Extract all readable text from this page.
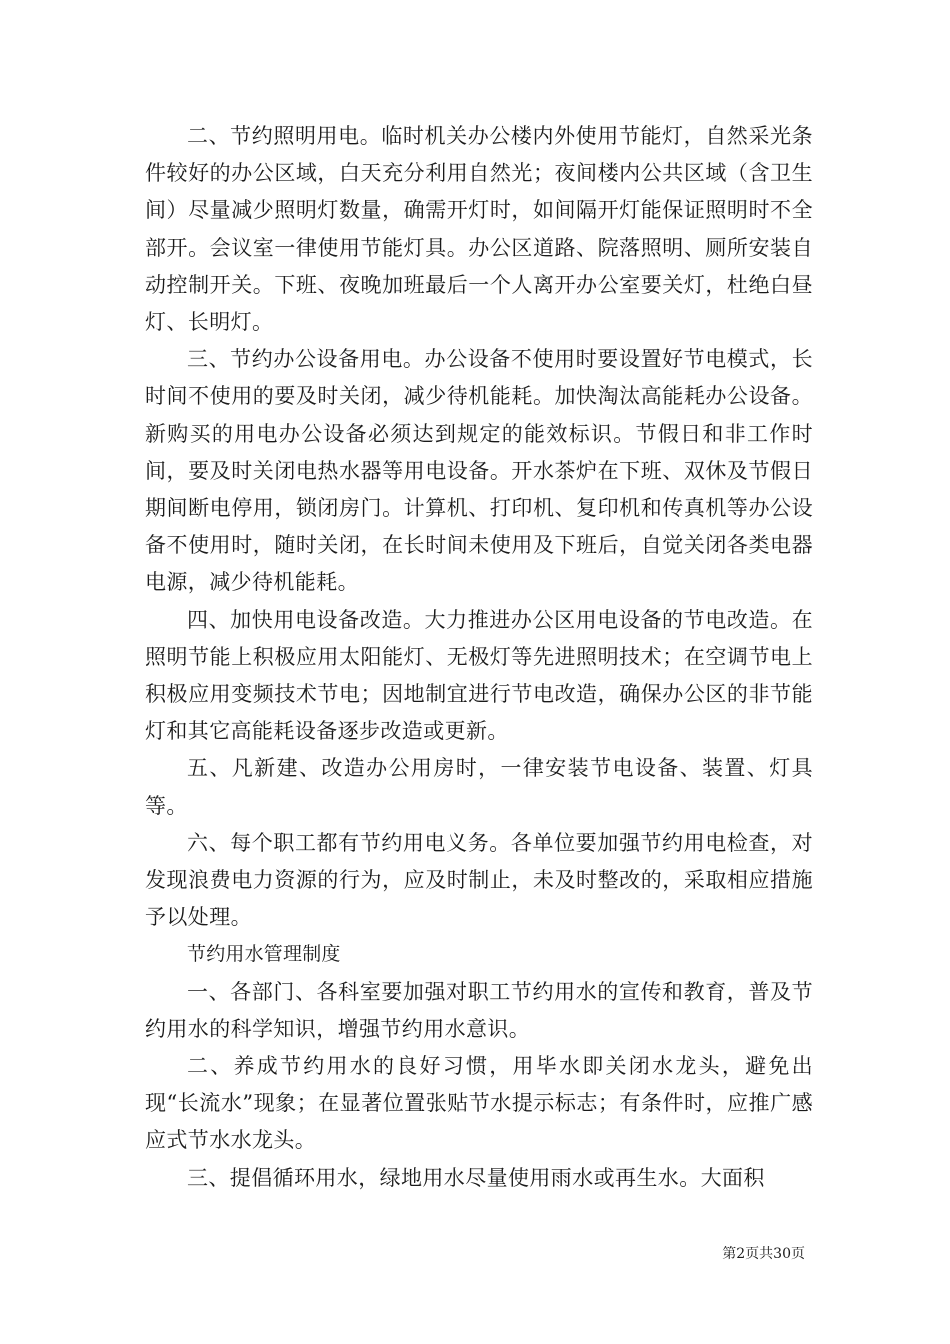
二、节约照明用电。临时机关办公楼内外使用节能灯，自然采光条件较好的办公区域，白天充分利用自然光；夜间楼内公共区域（含卫生间）尽量减少照明灯数量，确需开灯时，如间隔开灯能保证照明时不全部开。会议室一律使用节能灯具。办公区道路、院落照明、厕所安装自动控制开关。下班、夜晚加班最后一个人离开办公室要关灯，杜绝白昼灯、长明灯。

三、节约办公设备用电。办公设备不使用时要设置好节电模式，长时间不使用的要及时关闭，减少待机能耗。加快淘汰高能耗办公设备。新购买的用电办公设备必须达到规定的能效标识。节假日和非工作时间，要及时关闭电热水器等用电设备。开水茶炉在下班、双休及节假日期间断电停用，锁闭房门。计算机、打印机、复印机和传真机等办公设备不使用时，随时关闭，在长时间未使用及下班后，自觉关闭各类电器电源，减少待机能耗。

四、加快用电设备改造。大力推进办公区用电设备的节电改造。在照明节能上积极应用太阳能灯、无极灯等先进照明技术；在空调节电上积极应用变频技术节电；因地制宜进行节电改造，确保办公区的非节能灯和其它高能耗设备逐步改造或更新。

五、凡新建、改造办公用房时，一律安装节电设备、装置、灯具等。

六、每个职工都有节约用电义务。各单位要加强节约用电检查，对发现浪费电力资源的行为，应及时制止，未及时整改的，采取相应措施予以处理。

节约用水管理制度

一、各部门、各科室要加强对职工节约用水的宣传和教育，普及节约用水的科学知识，增强节约用水意识。

二、养成节约用水的良好习惯，用毕水即关闭水龙头，避免出现“长流水”现象；在显著位置张贴节水提示标志；有条件时，应推广感应式节水水龙头。

三、提倡循环用水，绿地用水尽量使用雨水或再生水。大面积

第2页共30页
